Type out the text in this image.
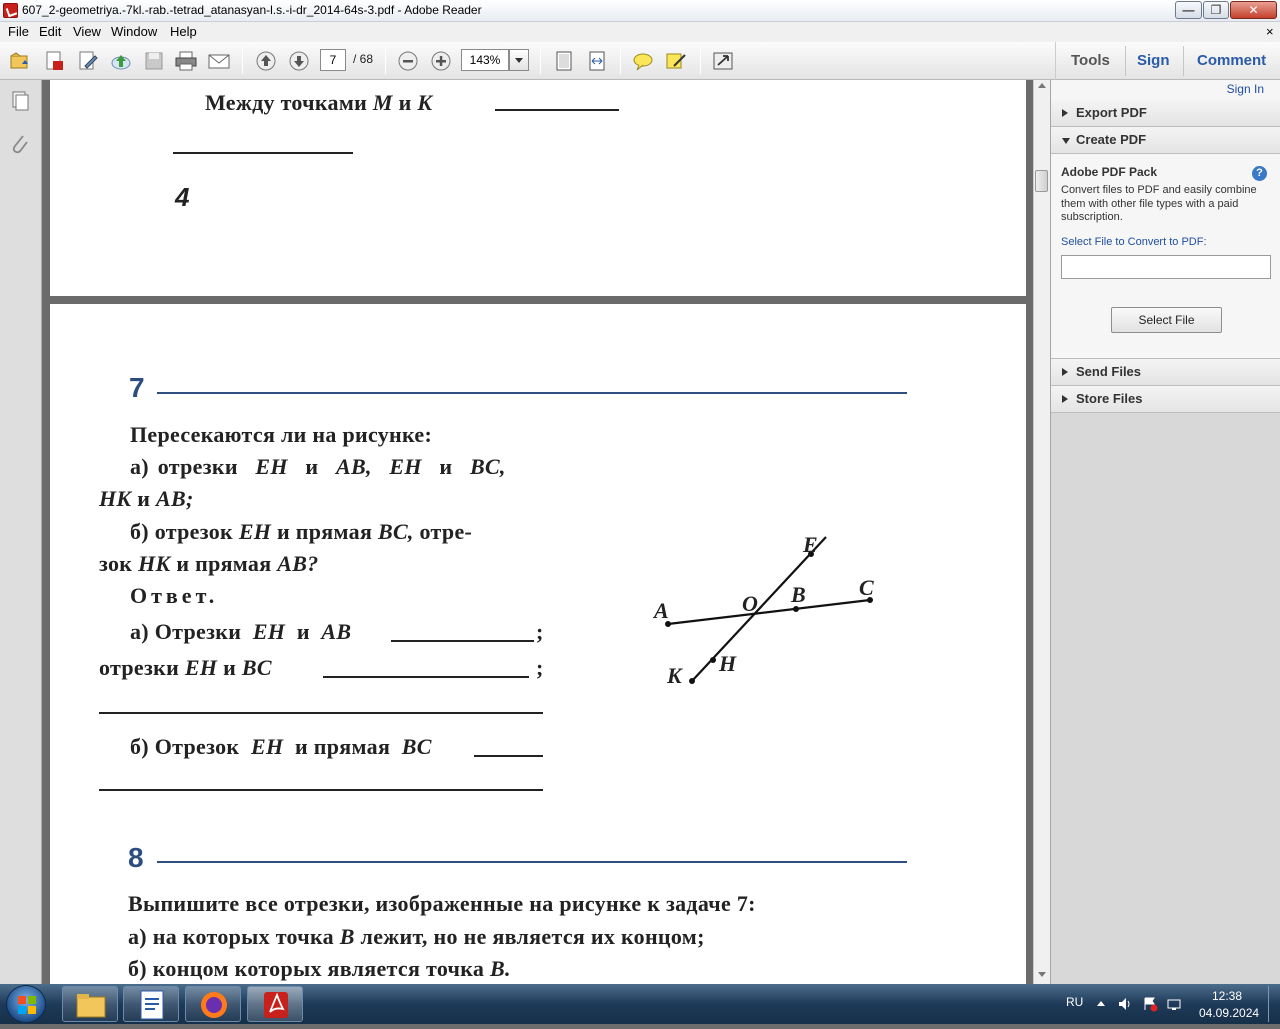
607_2-geometriya.-7kl.-rab.-tetrad_atanasyan-l.s.-i-dr_2014-64s-3.pdf - Adobe Reader	—	❐	✕
File Edit View Window Help	×
7	/ 68	143%	Tools Sign Comment
Между точками M и K
4
7
Пересекаются ли на рисунке:
а) отрезки EH и AB, EH и BC,
HK и AB;
б) отрезок EH и прямая BC, отре-
зок HK и прямая AB?
Ответ.
а) Отрезки EH и AB	;
отрезки EH и BC	;
б) Отрезок EH и прямая BC
E
C
B
O
A
H
K
8
Выпишите все отрезки, изображенные на рисунке к задаче 7:
а) на которых точка B лежит, но не является их концом;
б) концом которых является точка B.
Sign In
Export PDF
Create PDF
Adobe PDF Pack	?
Convert files to PDF and easily combine them with other file types with a paid subscription.
Select File to Convert to PDF:
Select File
Send Files
Store Files
RU	12:38
04.09.2024
